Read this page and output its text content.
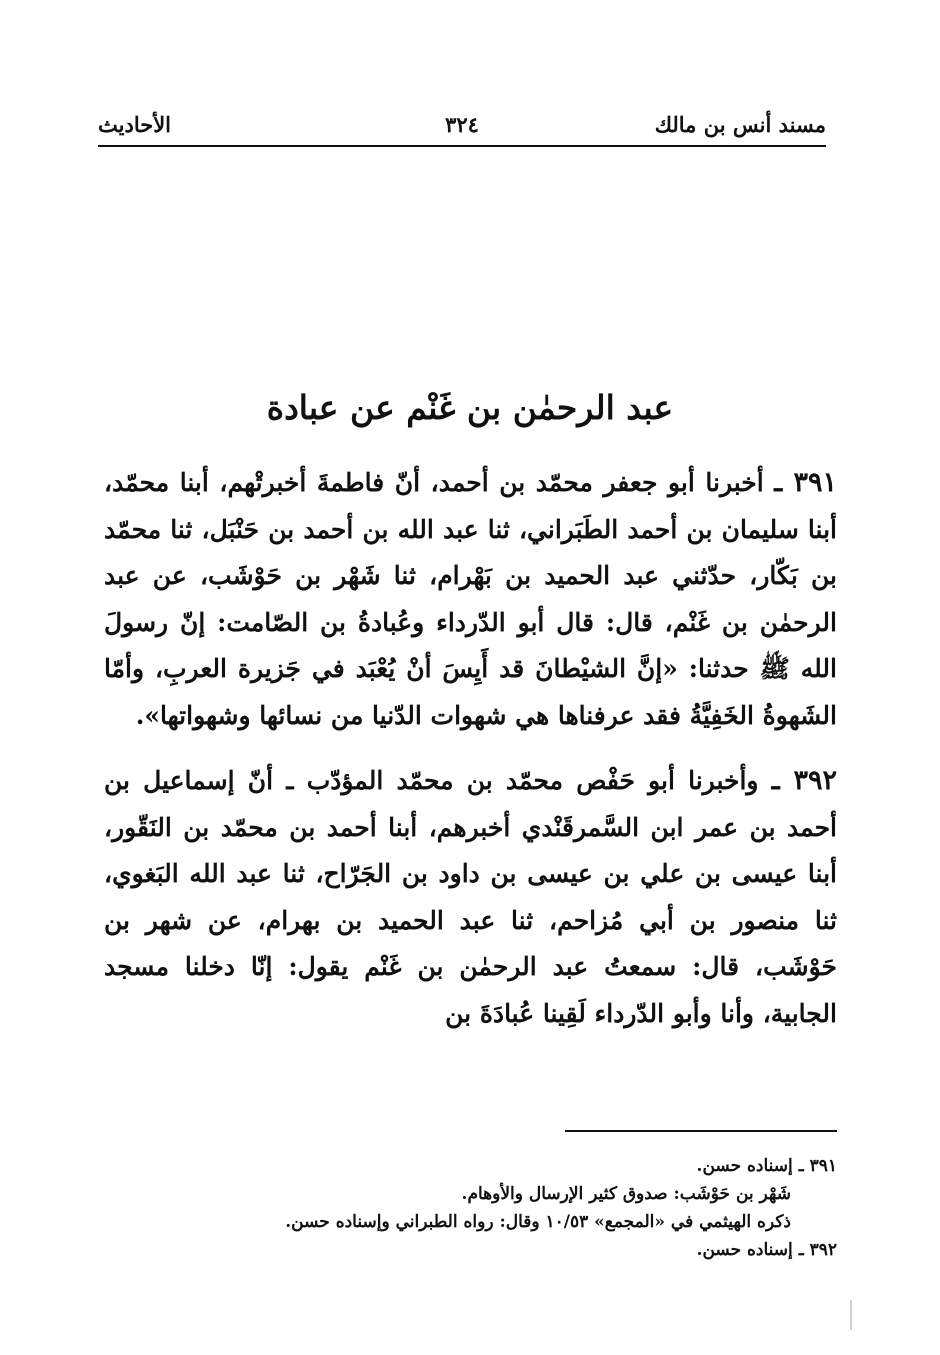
مسند أنس بن مالك
٣٢٤
الأحاديث
عبد الرحمٰن بن غَنْم عن عبادة

٣٩١ ـ أخبرنا أبو جعفر محمّد بن أحمد، أنّ فاطمةَ أخبرتْهم، أبنا محمّد، أبنا سليمان بن أحمد الطَبَراني، ثنا عبد الله بن أحمد بن حَنْبَل، ثنا محمّد بن بَكّار، حدّثني عبد الحميد بن بَهْرام، ثنا شَهْر بن حَوْشَب، عن عبد الرحمٰن بن غَنْم، قال: قال أبو الدّرداء وعُبادةُ بن الصّامت: إنّ رسولَ الله ﷺ حدثنا: «إنَّ الشيْطانَ قد أَيِسَ أنْ يُعْبَد في جَزيرة العربِ، وأمّا الشَهوةُ الخَفِيَّةُ فقد عرفناها هي شهوات الدّنيا من نسائها وشهواتها».

٣٩٢ ـ وأخبرنا أبو حَفْص محمّد بن محمّد المؤدّب ـ أنّ إسماعيل بن أحمد بن عمر ابن السَّمرقَنْدي أخبرهم، أبنا أحمد بن محمّد بن النَقّور، أبنا عيسى بن علي بن عيسى بن داود بن الجَرّاح، ثنا عبد الله البَغوي، ثنا منصور بن أبي مُزاحم، ثنا عبد الحميد بن بهرام، عن شهر بن حَوْشَب، قال: سمعتُ عبد الرحمٰن بن غَنْم يقول: إنّا دخلنا مسجد الجابية، وأنا وأبو الدّرداء لَقِينا عُبادَةَ بن

٣٩١ ـ إسناده حسن.
شَهْر بن حَوْشَب: صدوق كثير الإرسال والأوهام.
ذكره الهيثمي في «المجمع» ١٠/٥٣ وقال: رواه الطبراني وإسناده حسن.
٣٩٢ ـ إسناده حسن.
